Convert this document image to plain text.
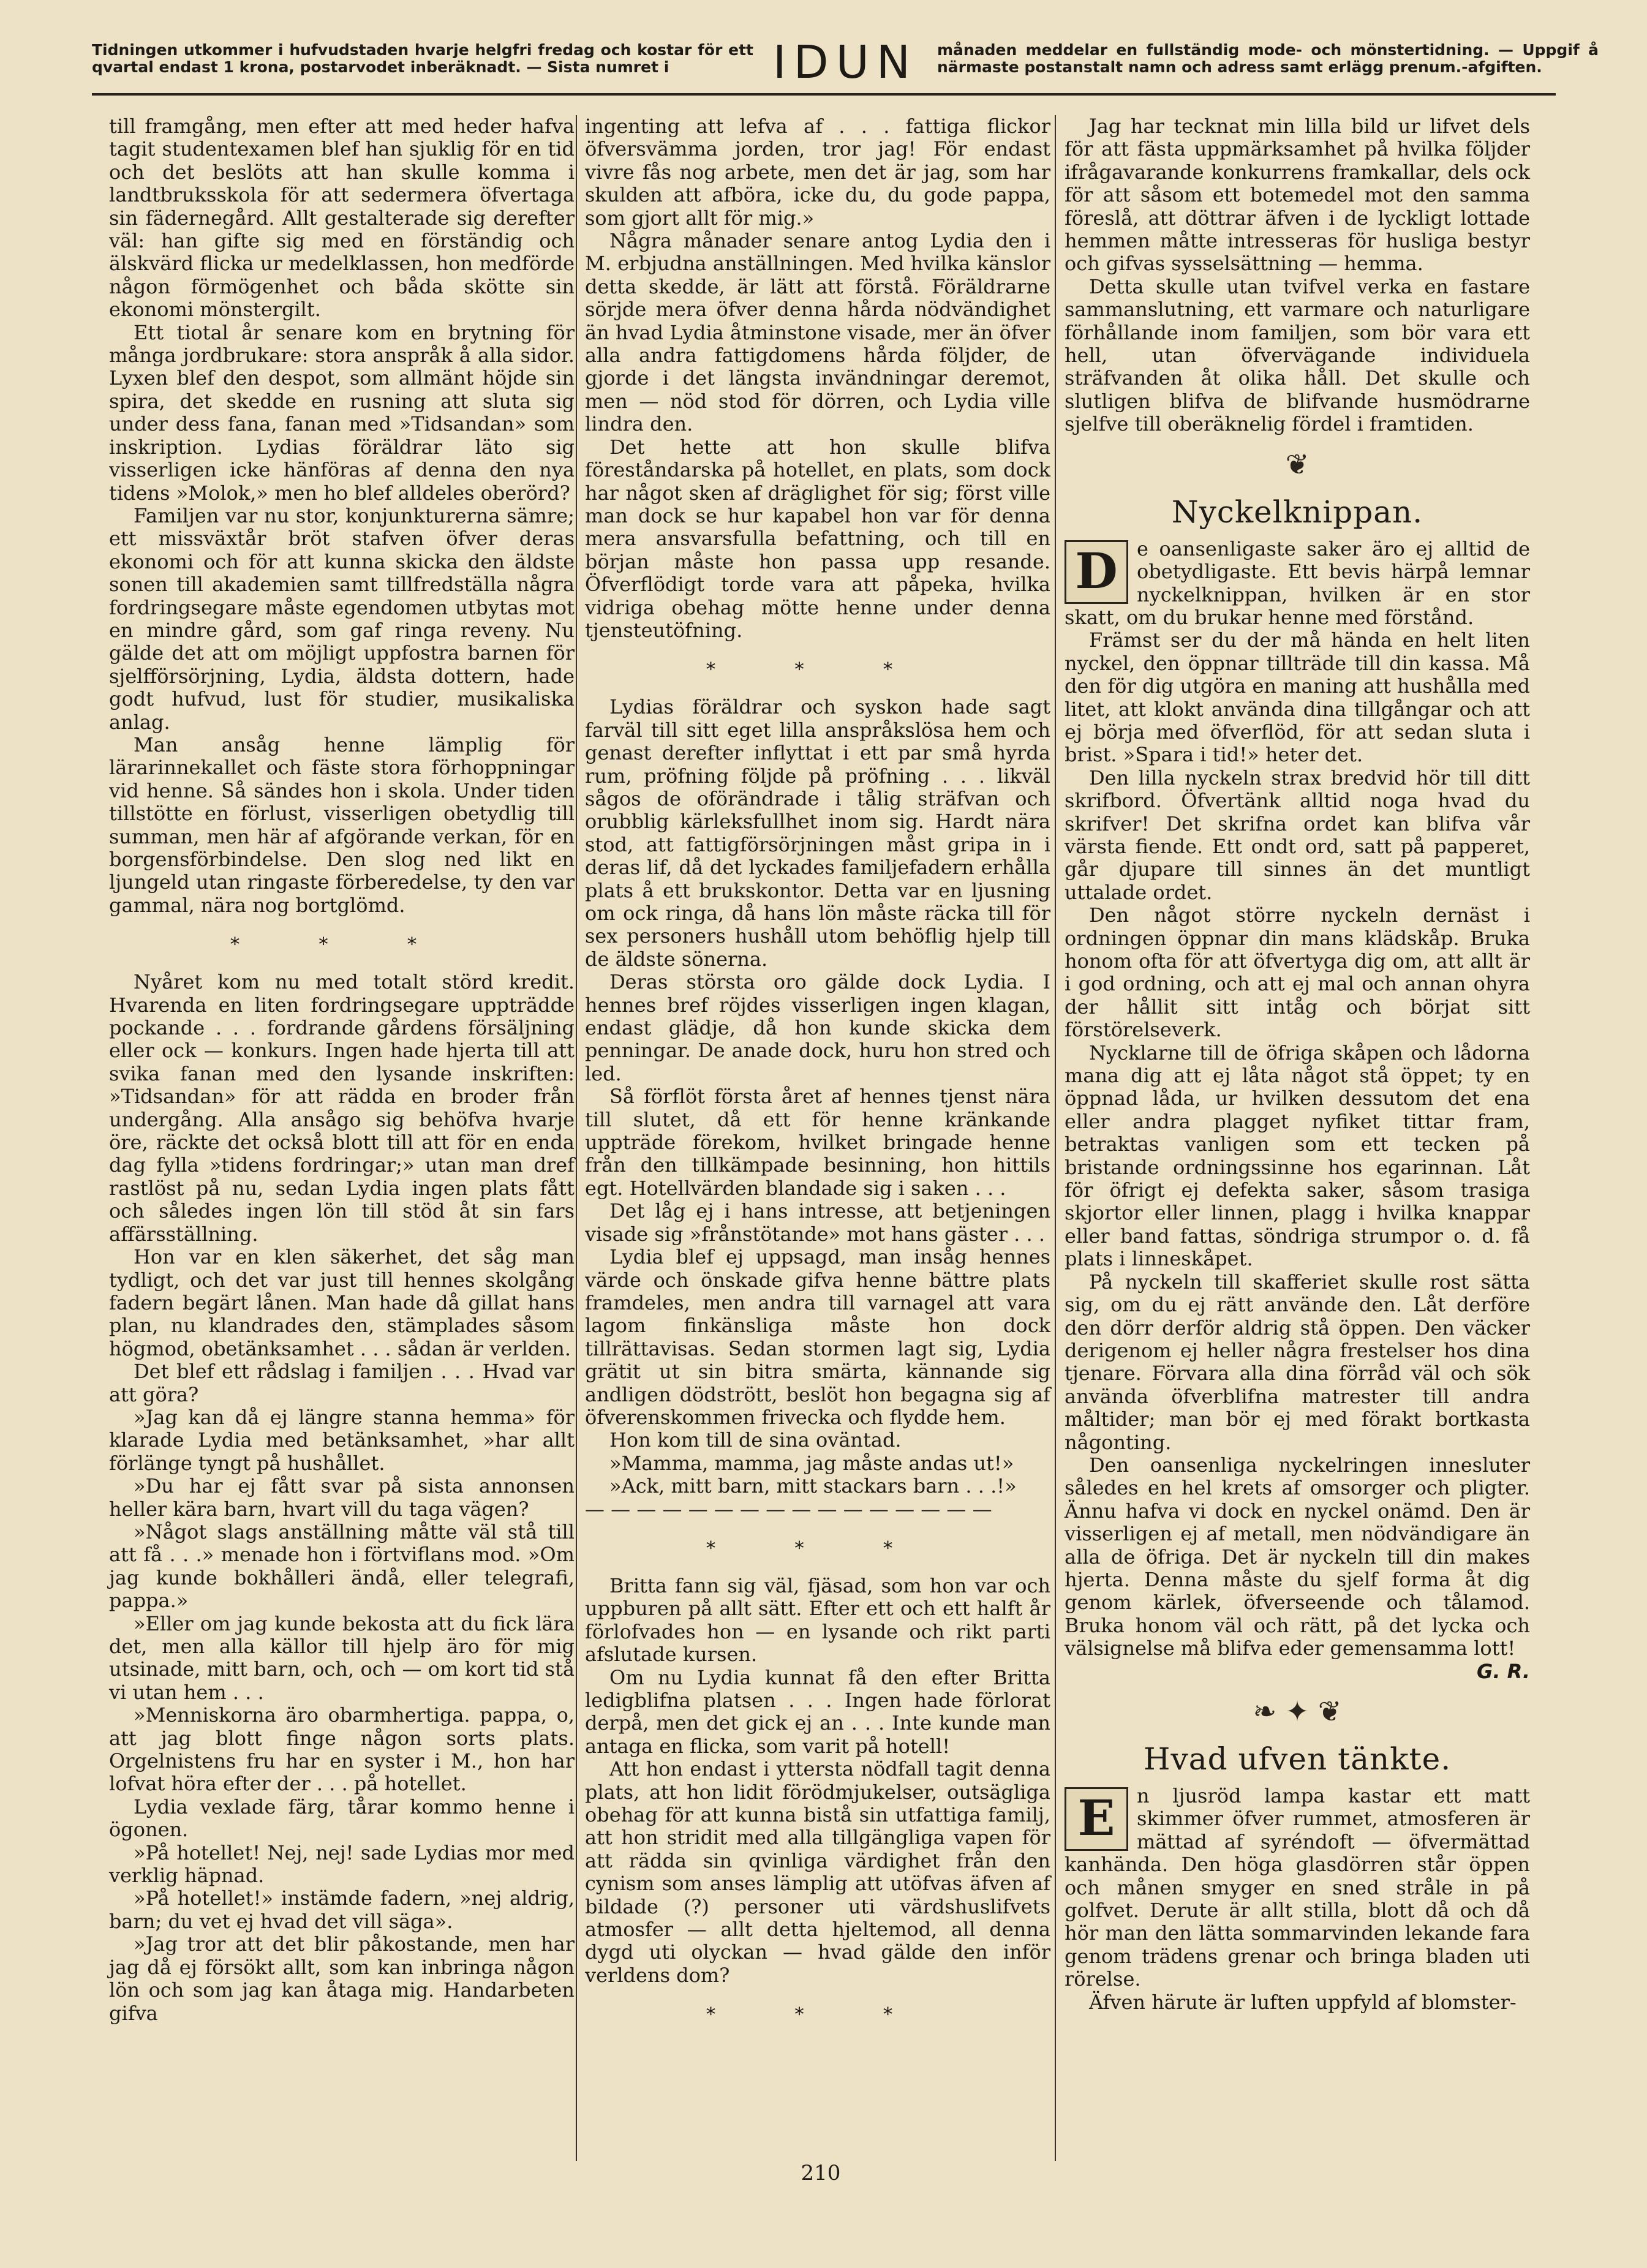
Tidningen utkommer i hufvudstaden hvarje helgfri fredag och kostar för ett qvartal endast 1 krona, postarvodet inberäknadt. — Sista numret i	IDUN	månaden meddelar en fullständig mode- och mönstertidning. — Uppgif å närmaste postanstalt namn och adress samt erlägg prenum.-afgiften.

till framgång, men efter att med heder hafva tagit studentexamen blef han sjuklig för en tid och det beslöts att han skulle komma i landtbruksskola för att sedermera öfvertaga sin fädernegård. Allt gestalterade sig derefter väl: han gifte sig med en förständig och älskvärd flicka ur medelklassen, hon medförde någon förmögenhet och båda skötte sin ekonomi mönstergilt.

Ett tiotal år senare kom en brytning för många jordbrukare: stora anspråk å alla sidor. Lyxen blef den despot, som allmänt höjde sin spira, det skedde en rusning att sluta sig under dess fana, fanan med »Tidsandan» som inskription. Lydias föräldrar läto sig visserligen icke hänföras af denna den nya tidens »Molok,» men ho blef alldeles oberörd?

Familjen var nu stor, konjunkturerna sämre; ett missväxtår bröt stafven öfver deras ekonomi och för att kunna skicka den äldste sonen till akademien samt tillfredställa några fordringsegare måste egendomen utbytas mot en mindre gård, som gaf ringa reveny. Nu gälde det att om möjligt uppfostra barnen för sjelfförsörjning, Lydia, äldsta dottern, hade godt hufvud, lust för studier, musikaliska anlag.

Man ansåg henne lämplig för lärarinnekallet och fäste stora förhoppningar vid henne. Så sändes hon i skola. Under tiden tillstötte en förlust, visserligen obetydlig till summan, men här af afgörande verkan, för en borgensförbindelse. Den slog ned likt en ljungeld utan ringaste förberedelse, ty den var gammal, nära nog bortglömd.

* * *

Nyåret kom nu med totalt störd kredit. Hvarenda en liten fordringsegare uppträdde pockande . . . fordrande gårdens försäljning eller ock — konkurs. Ingen hade hjerta till att svika fanan med den lysande inskriften: »Tidsandan» för att rädda en broder från undergång. Alla ansågo sig behöfva hvarje öre, räckte det också blott till att för en enda dag fylla »tidens fordringar;» utan man dref rastlöst på nu, sedan Lydia ingen plats fått och således ingen lön till stöd åt sin fars affärsställning.

Hon var en klen säkerhet, det såg man tydligt, och det var just till hennes skolgång fadern begärt lånen. Man hade då gillat hans plan, nu klandrades den, stämplades såsom högmod, obetänksamhet . . . sådan är verlden.

Det blef ett rådslag i familjen . . . Hvad var att göra?

»Jag kan då ej längre stanna hemma» för klarade Lydia med betänksamhet, »har allt förlänge tyngt på hushållet.

»Du har ej fått svar på sista annonsen heller kära barn, hvart vill du taga vägen?

»Något slags anställning måtte väl stå till att få . . .» menade hon i förtviflans mod. »Om jag kunde bokhålleri ändå, eller telegrafi, pappa.»

»Eller om jag kunde bekosta att du fick lära det, men alla källor till hjelp äro för mig utsinade, mitt barn, och, och — om kort tid stå vi utan hem . . .

»Menniskorna äro obarmhertiga. pappa, o, att jag blott finge någon sorts plats. Orgelnistens fru har en syster i M., hon har lofvat höra efter der . . . på hotellet.

Lydia vexlade färg, tårar kommo henne i ögonen.

»På hotellet! Nej, nej! sade Lydias mor med verklig häpnad.

»På hotellet!» instämde fadern, »nej aldrig, barn; du vet ej hvad det vill säga».

»Jag tror att det blir påkostande, men har jag då ej försökt allt, som kan inbringa någon lön och som jag kan åtaga mig. Handarbeten gifva

ingenting att lefva af . . . fattiga flickor öfversvämma jorden, tror jag! För endast vivre fås nog arbete, men det är jag, som har skulden att afböra, icke du, du gode pappa, som gjort allt för mig.»

Några månader senare antog Lydia den i M. erbjudna anställningen. Med hvilka känslor detta skedde, är lätt att förstå. Föräldrarne sörjde mera öfver denna hårda nödvändighet än hvad Lydia åtminstone visade, mer än öfver alla andra fattigdomens hårda följder, de gjorde i det längsta invändningar deremot, men — nöd stod för dörren, och Lydia ville lindra den.

Det hette att hon skulle blifva föreståndarska på hotellet, en plats, som dock har något sken af dräglighet för sig; först ville man dock se hur kapabel hon var för denna mera ansvarsfulla befattning, och till en början måste hon passa upp resande. Öfverflödigt torde vara att påpeka, hvilka vidriga obehag mötte henne under denna tjensteutöfning.

* * *

Lydias föräldrar och syskon hade sagt farväl till sitt eget lilla anspråkslösa hem och genast derefter inflyttat i ett par små hyrda rum, pröfning följde på pröfning . . . likväl sågos de oförändrade i tålig sträfvan och orubblig kärleksfullhet inom sig. Hardt nära stod, att fattigförsörjningen måst gripa in i deras lif, då det lyckades familjefadern erhålla plats å ett brukskontor. Detta var en ljusning om ock ringa, då hans lön måste räcka till för sex personers hushåll utom behöflig hjelp till de äldste sönerna.

Deras största oro gälde dock Lydia. I hennes bref röjdes visserligen ingen klagan, endast glädje, då hon kunde skicka dem penningar. De anade dock, huru hon stred och led.

Så förflöt första året af hennes tjenst nära till slutet, då ett för henne kränkande uppträde förekom, hvilket bringade henne från den tillkämpade besinning, hon hittils egt. Hotellvärden blandade sig i saken . . .

Det låg ej i hans intresse, att betjeningen visade sig »frånstötande» mot hans gäster . . .

Lydia blef ej uppsagd, man insåg hennes värde och önskade gifva henne bättre plats framdeles, men andra till varnagel att vara lagom finkänsliga måste hon dock tillrättavisas. Sedan stormen lagt sig, Lydia grätit ut sin bitra smärta, kännande sig andligen dödstrött, beslöt hon begagna sig af öfverenskommen frivecka och flydde hem.

Hon kom till de sina oväntad.

»Mamma, mamma, jag måste andas ut!»

»Ack, mitt barn, mitt stackars barn . . .!»

— — — — — — — — — — — — — — — —

* * *

Britta fann sig väl, fjäsad, som hon var och uppburen på allt sätt. Efter ett och ett halft år förlofvades hon — en lysande och rikt parti afslutade kursen.

Om nu Lydia kunnat få den efter Britta ledigblifna platsen . . . Ingen hade förlorat derpå, men det gick ej an . . . Inte kunde man antaga en flicka, som varit på hotell!

Att hon endast i yttersta nödfall tagit denna plats, att hon lidit förödmjukelser, outsägliga obehag för att kunna bistå sin utfattiga familj, att hon stridit med alla tillgängliga vapen för att rädda sin qvinliga värdighet från den cynism som anses lämplig att utöfvas äfven af bildade (?) personer uti värdshuslifvets atmosfer — allt detta hjeltemod, all denna dygd uti olyckan — hvad gälde den inför verldens dom?

* * *

Jag har tecknat min lilla bild ur lifvet dels för att fästa uppmärksamhet på hvilka följder ifrågavarande konkurrens framkallar, dels ock för att såsom ett botemedel mot den samma föreslå, att döttrar äfven i de lyckligt lottade hemmen måtte intresseras för husliga bestyr och gifvas sysselsättning — hemma.

Detta skulle utan tvifvel verka en fastare sammanslutning, ett varmare och naturligare förhållande inom familjen, som bör vara ett hell, utan öfvervägande individuela sträfvanden åt olika håll. Det skulle och slutligen blifva de blifvande husmödrarne sjelfve till oberäknelig fördel i framtiden.

❦
Nyckelknippan.

D e oansenligaste saker äro ej alltid de obetydligaste. Ett bevis härpå lemnar nyckelknippan, hvilken är en stor skatt, om du brukar henne med förstånd.

Främst ser du der må hända en helt liten nyckel, den öppnar tillträde till din kassa. Må den för dig utgöra en maning att hushålla med litet, att klokt använda dina tillgångar och att ej börja med öfverflöd, för att sedan sluta i brist. »Spara i tid!» heter det.

Den lilla nyckeln strax bredvid hör till ditt skrifbord. Öfvertänk alltid noga hvad du skrifver! Det skrifna ordet kan blifva vår värsta fiende. Ett ondt ord, satt på papperet, går djupare till sinnes än det muntligt uttalade ordet.

Den något större nyckeln dernäst i ordningen öppnar din mans klädskåp. Bruka honom ofta för att öfvertyga dig om, att allt är i god ordning, och att ej mal och annan ohyra der hållit sitt intåg och börjat sitt förstörelseverk.

Nycklarne till de öfriga skåpen och lådorna mana dig att ej låta något stå öppet; ty en öppnad låda, ur hvilken dessutom det ena eller andra plagget nyfiket tittar fram, betraktas vanligen som ett tecken på bristande ordningssinne hos egarinnan. Låt för öfrigt ej defekta saker, såsom trasiga skjortor eller linnen, plagg i hvilka knappar eller band fattas, söndriga strumpor o. d. få plats i linneskåpet.

På nyckeln till skafferiet skulle rost sätta sig, om du ej rätt använde den. Låt derföre den dörr derför aldrig stå öppen. Den väcker derigenom ej heller några frestelser hos dina tjenare. Förvara alla dina förråd väl och sök använda öfverblifna matrester till andra måltider; man bör ej med förakt bortkasta någonting.

Den oansenliga nyckelringen innesluter således en hel krets af omsorger och pligter. Ännu hafva vi dock en nyckel onämd. Den är visserligen ej af metall, men nödvändigare än alla de öfriga. Det är nyckeln till din makes hjerta. Denna måste du sjelf forma åt dig genom kärlek, öfverseende och tålamod. Bruka honom väl och rätt, på det lycka och välsignelse må blifva eder gemensamma lott!

G. R.

❧ ✦ ❦
Hvad ufven tänkte.

E	n ljusröd lampa kastar ett matt skimmer öfver rummet, atmosferen är mättad af syréndoft — öfvermättad kanhända. Den höga glasdörren står öppen och månen smyger en sned stråle in på golfvet. Derute är allt stilla, blott då och då hör man den lätta sommarvinden lekande fara genom trädens grenar och bringa bladen uti rörelse.

Äfven härute är luften uppfyld af blomster-

210
